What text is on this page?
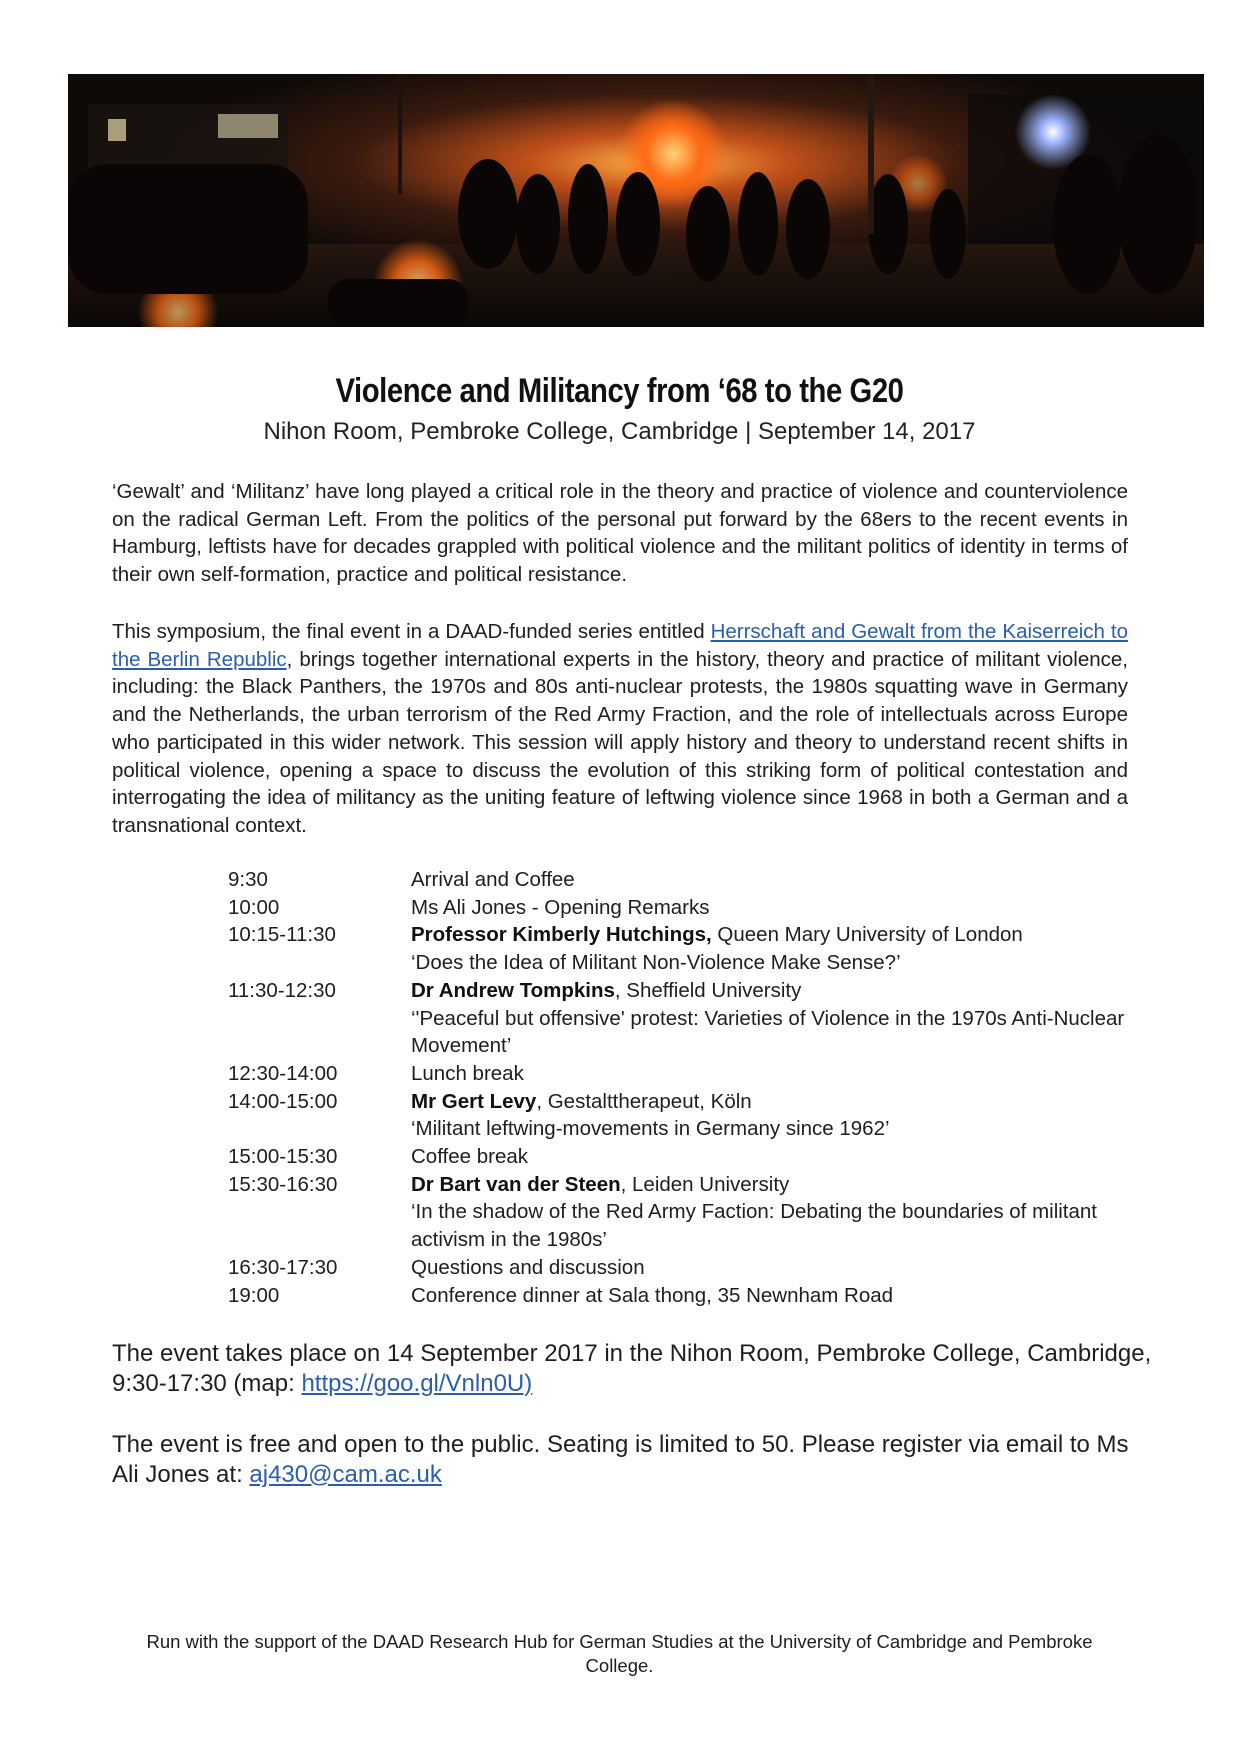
Violence and Militancy from ‘68 to the G20
Nihon Room, Pembroke College, Cambridge | September 14, 2017
‘Gewalt’ and ‘Militanz’ have long played a critical role in the theory and practice of violence and counterviolence on the radical German Left. From the politics of the personal put forward by the 68ers to the recent events in Hamburg, leftists have for decades grappled with political violence and the militant politics of identity in terms of their own self-formation, practice and political resistance.
This symposium, the final event in a DAAD-funded series entitled Herrschaft and Gewalt from the Kaiserreich to the Berlin Republic, brings together international experts in the history, theory and practice of militant violence, including: the Black Panthers, the 1970s and 80s anti-nuclear protests, the 1980s squatting wave in Germany and the Netherlands, the urban terrorism of the Red Army Fraction, and the role of intellectuals across Europe who participated in this wider network. This session will apply history and theory to understand recent shifts in political violence, opening a space to discuss the evolution of this striking form of political contestation and interrogating the idea of militancy as the uniting feature of leftwing violence since 1968 in both a German and a transnational context.
9:30	Arrival and Coffee
10:00	Ms Ali Jones - Opening Remarks
10:15-11:30	Professor Kimberly Hutchings, Queen Mary University of London
‘Does the Idea of Militant Non-Violence Make Sense?’
11:30-12:30	Dr Andrew Tompkins, Sheffield University
‘'Peaceful but offensive' protest: Varieties of Violence in the 1970s Anti-Nuclear Movement’
12:30-14:00	Lunch break
14:00-15:00	Mr Gert Levy, Gestalttherapeut, Köln
‘Militant leftwing-movements in Germany since 1962’
15:00-15:30	Coffee break
15:30-16:30	Dr Bart van der Steen, Leiden University
‘In the shadow of the Red Army Faction: Debating the boundaries of militant activism in the 1980s’
16:30-17:30	Questions and discussion
19:00	Conference dinner at Sala thong, 35 Newnham Road
The event takes place on 14 September 2017 in the Nihon Room, Pembroke College, Cambridge, 9:30-17:30 (map: https://goo.gl/Vnln0U)
The event is free and open to the public. Seating is limited to 50. Please register via email to Ms Ali Jones at: aj430@cam.ac.uk
Run with the support of the DAAD Research Hub for German Studies at the University of Cambridge and Pembroke College.
